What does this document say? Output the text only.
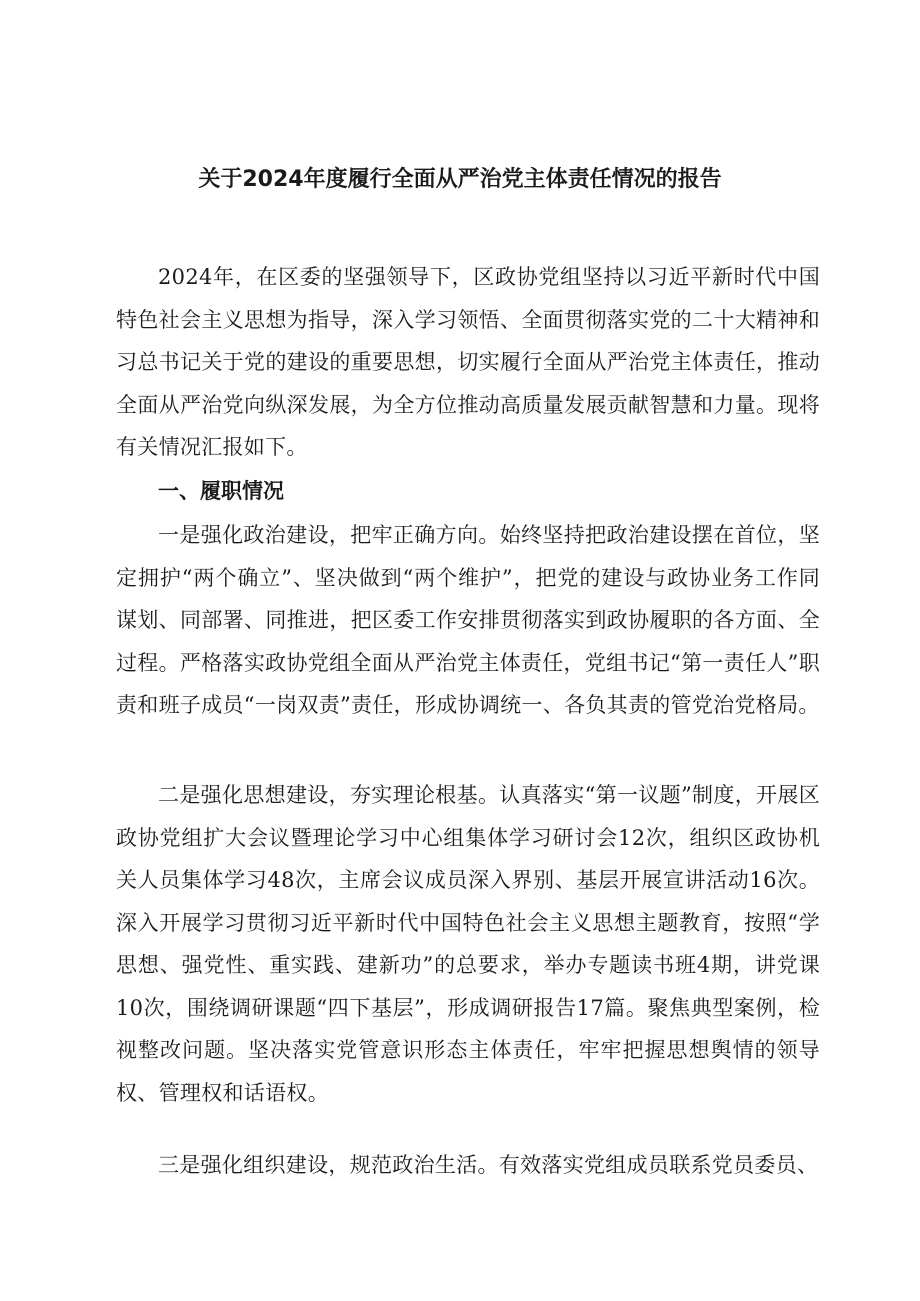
关于2024年度履行全面从严治党主体责任情况的报告

2024年，在区委的坚强领导下，区政协党组坚持以习近平新时代中国特色社会主义思想为指导，深入学习领悟、全面贯彻落实党的二十大精神和习总书记关于党的建设的重要思想，切实履行全面从严治党主体责任，推动全面从严治党向纵深发展，为全方位推动高质量发展贡献智慧和力量。现将有关情况汇报如下。

一、履职情况

一是强化政治建设，把牢正确方向。始终坚持把政治建设摆在首位，坚定拥护“两个确立”、坚决做到“两个维护”，把党的建设与政协业务工作同谋划、同部署、同推进，把区委工作安排贯彻落实到政协履职的各方面、全过程。严格落实政协党组全面从严治党主体责任，党组书记“第一责任人”职责和班子成员“一岗双责”责任，形成协调统一、各负其责的管党治党格局。

二是强化思想建设，夯实理论根基。认真落实“第一议题”制度，开展区政协党组扩大会议暨理论学习中心组集体学习研讨会12次，组织区政协机关人员集体学习48次，主席会议成员深入界别、基层开展宣讲活动16次。深入开展学习贯彻习近平新时代中国特色社会主义思想主题教育，按照“学思想、强党性、重实践、建新功”的总要求，举办专题读书班4期，讲党课10次，围绕调研课题“四下基层”，形成调研报告17篇。聚焦典型案例，检视整改问题。坚决落实党管意识形态主体责任，牢牢把握思想舆情的领导权、管理权和话语权。

三是强化组织建设，规范政治生活。有效落实党组成员联系党员委员、
